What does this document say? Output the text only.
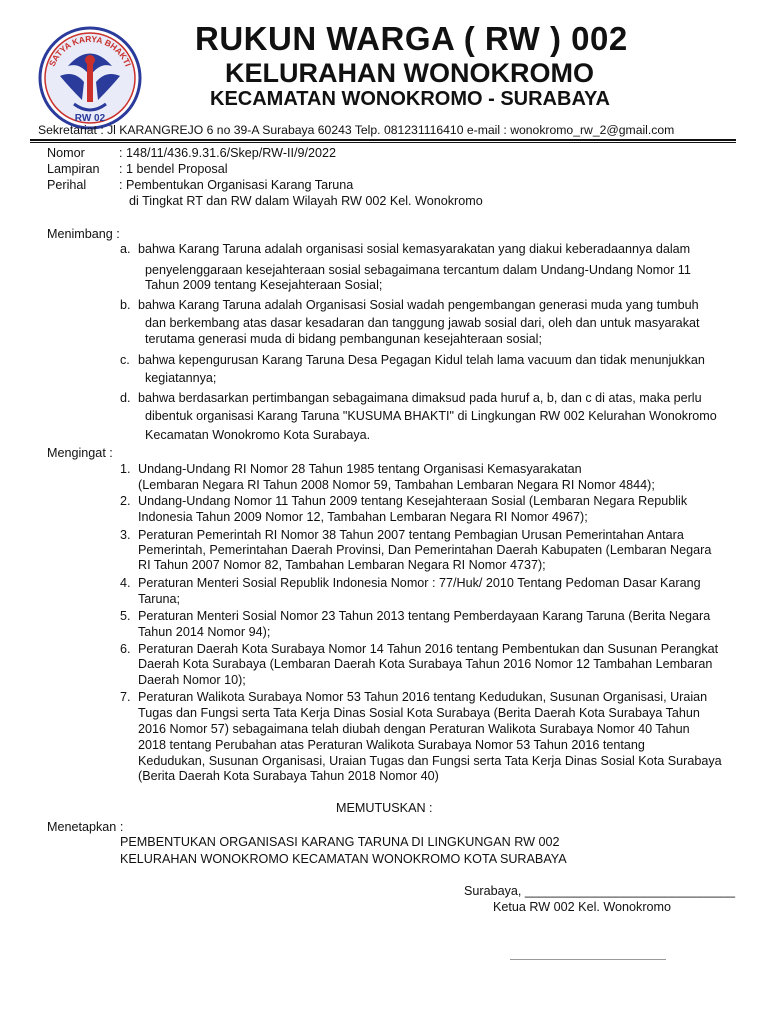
SATYA KARYA BHAKTI
RW 02
RUKUN WARGA ( RW ) 002
KELURAHAN WONOKROMO
KECAMATAN WONOKROMO - SURABAYA
Sekretariat : Jl KARANGREJO 6 no 39-A Surabaya 60243 Telp. 081231116410 e-mail : wonokromo_rw_2@gmail.com
Nomor	: 148/11/436.9.31.6/Skep/RW-II/9/2022
Lampiran : 1 bendel Proposal
Perihal	: Pembentukan Organisasi Karang Taruna
di Tingkat RT dan RW dalam Wilayah RW 002 Kel. Wonokromo
Menimbang :
a. bahwa Karang Taruna adalah organisasi sosial kemasyarakatan yang diakui keberadaannya dalam
penyelenggaraan kesejahteraan sosial sebagaimana tercantum dalam Undang-Undang Nomor 11
Tahun 2009 tentang Kesejahteraan Sosial;
b. bahwa Karang Taruna adalah Organisasi Sosial wadah pengembangan generasi muda yang tumbuh
dan berkembang atas dasar kesadaran dan tanggung jawab sosial dari, oleh dan untuk masyarakat
terutama generasi muda di bidang pembangunan kesejahteraan sosial;
c. bahwa kepengurusan Karang Taruna Desa Pegagan Kidul telah lama vacuum dan tidak menunjukkan
kegiatannya;
d. bahwa berdasarkan pertimbangan sebagaimana dimaksud pada huruf a, b, dan c di atas, maka perlu
dibentuk organisasi Karang Taruna "KUSUMA BHAKTI" di Lingkungan RW 002 Kelurahan Wonokromo
Kecamatan Wonokromo Kota Surabaya.
Mengingat :
1. Undang-Undang RI Nomor 28 Tahun 1985 tentang Organisasi Kemasyarakatan
(Lembaran Negara RI Tahun 2008 Nomor 59, Tambahan Lembaran Negara RI Nomor 4844);
2. Undang-Undang Nomor 11 Tahun 2009 tentang Kesejahteraan Sosial (Lembaran Negara Republik
Indonesia Tahun 2009 Nomor 12, Tambahan Lembaran Negara RI Nomor 4967);
3. Peraturan Pemerintah RI Nomor 38 Tahun 2007 tentang Pembagian Urusan Pemerintahan Antara
Pemerintah, Pemerintahan Daerah Provinsi, Dan Pemerintahan Daerah Kabupaten (Lembaran Negara
RI Tahun 2007 Nomor 82, Tambahan Lembaran Negara RI Nomor 4737);
4. Peraturan Menteri Sosial Republik Indonesia Nomor : 77/Huk/ 2010 Tentang Pedoman Dasar Karang
Taruna;
5. Peraturan Menteri Sosial Nomor 23 Tahun 2013 tentang Pemberdayaan Karang Taruna (Berita Negara
Tahun 2014 Nomor 94);
6. Peraturan Daerah Kota Surabaya Nomor 14 Tahun 2016 tentang Pembentukan dan Susunan Perangkat
Daerah Kota Surabaya (Lembaran Daerah Kota Surabaya Tahun 2016 Nomor 12 Tambahan Lembaran
Daerah Nomor 10);
7. Peraturan Walikota Surabaya Nomor 53 Tahun 2016 tentang Kedudukan, Susunan Organisasi, Uraian
Tugas dan Fungsi serta Tata Kerja Dinas Sosial Kota Surabaya (Berita Daerah Kota Surabaya Tahun
2016 Nomor 57) sebagaimana telah diubah dengan Peraturan Walikota Surabaya Nomor 40 Tahun
2018 tentang Perubahan atas Peraturan Walikota Surabaya Nomor 53 Tahun 2016 tentang
Kedudukan, Susunan Organisasi, Uraian Tugas dan Fungsi serta Tata Kerja Dinas Sosial Kota Surabaya
(Berita Daerah Kota Surabaya Tahun 2018 Nomor 40)
MEMUTUSKAN :
Menetapkan :
PEMBENTUKAN ORGANISASI KARANG TARUNA DI LINGKUNGAN RW 002
KELURAHAN WONOKROMO KECAMATAN WONOKROMO KOTA SURABAYA
Surabaya, ______________________________
Ketua RW 002 Kel. Wonokromo
